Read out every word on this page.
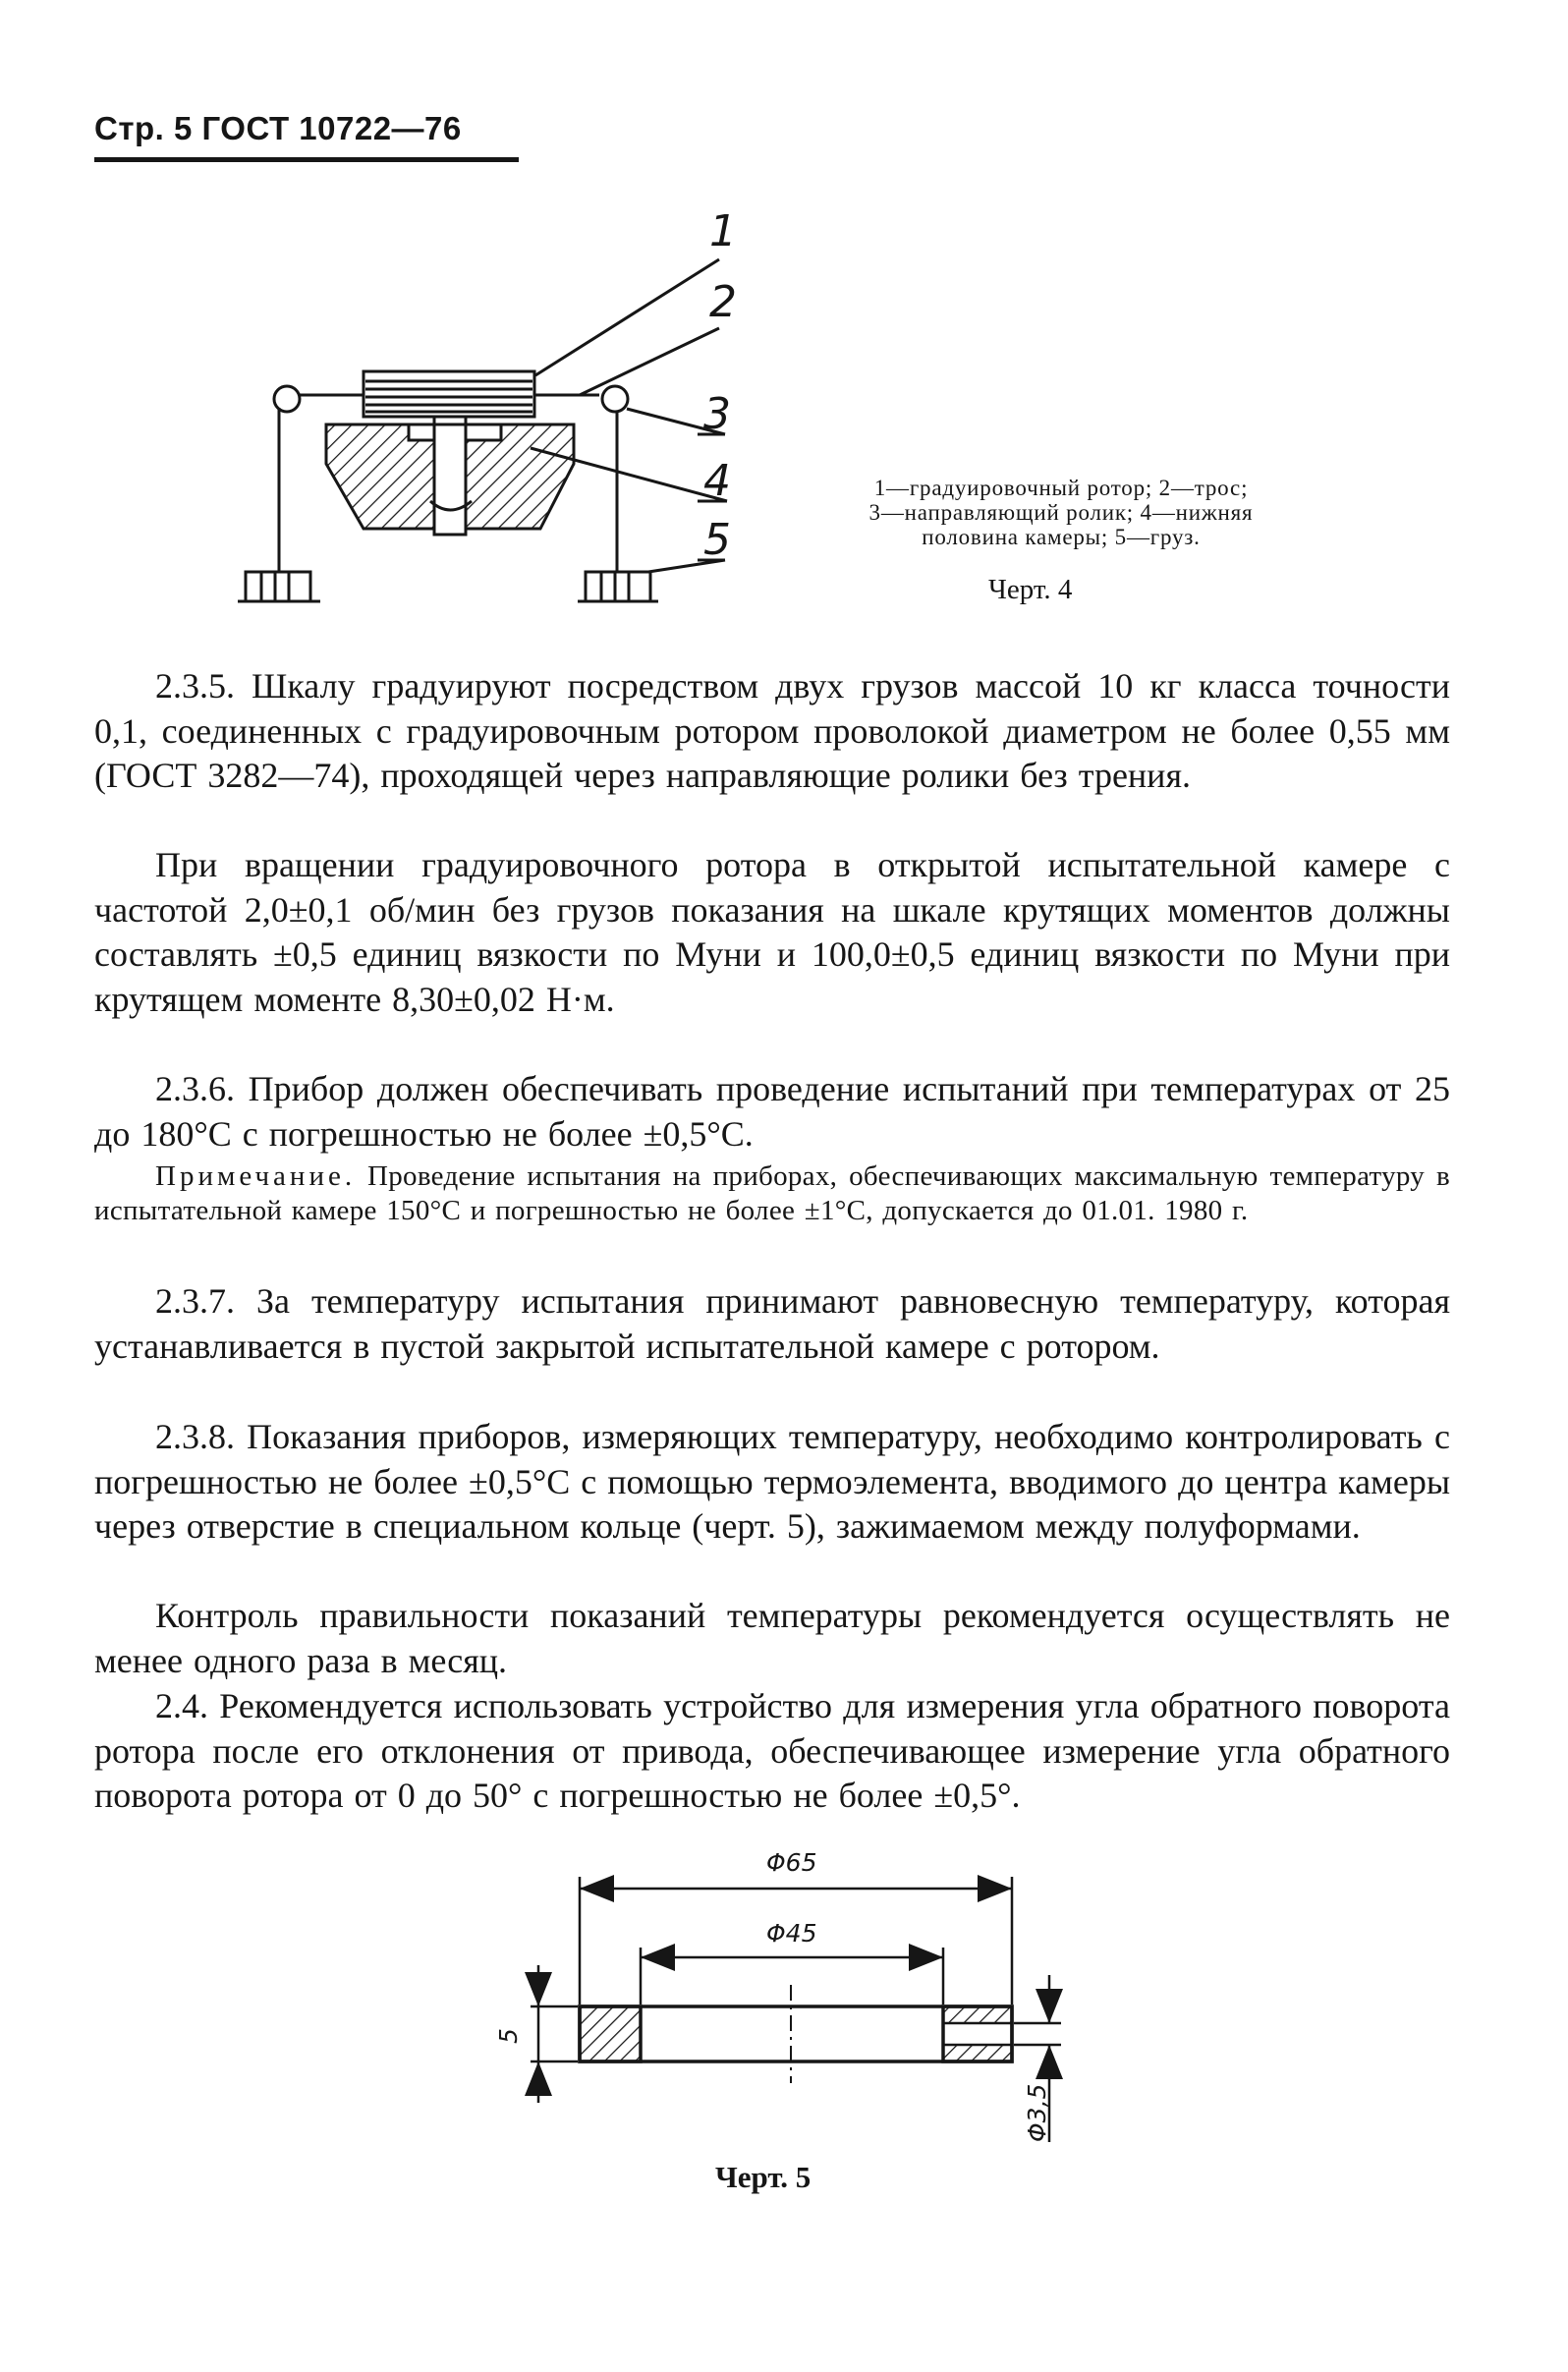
Стр. 5 ГОСТ 10722—76
1
2
3
4
5
1—градуировочный ротор; 2—трос;
3—направляющий ролик; 4—нижняя
половина камеры; 5—груз.
Черт. 4

2.3.5. Шкалу градуируют посредством двух грузов массой 10 кг класса точности 0,1, соединенных с градуировочным ротором проволокой диаметром не более 0,55 мм (ГОСТ 3282—74), проходящей через направляющие ролики без трения.

При вращении градуировочного ротора в открытой испытательной камере с частотой 2,0±0,1 об/мин без грузов показания на шкале крутящих моментов должны составлять ±0,5 единиц вязкости по Муни и 100,0±0,5 единиц вязкости по Муни при крутящем моменте 8,30±0,02 Н·м.

2.3.6. Прибор должен обеспечивать проведение испытаний при температурах от 25 до 180°С с погрешностью не более ±0,5°С.

Примечание. Проведение испытания на приборах, обеспечивающих максимальную температуру в испытательной камере 150°С и погрешностью не более ±1°С, допускается до 01.01. 1980 г.

2.3.7. За температуру испытания принимают равновесную температуру, которая устанавливается в пустой закрытой испытательной камере с ротором.

2.3.8. Показания приборов, измеряющих температуру, необходимо контролировать с погрешностью не более ±0,5°С с помощью термоэлемента, вводимого до центра камеры через отверстие в специальном кольце (черт. 5), зажимаемом между полуформами.

Контроль правильности показаний температуры рекомендуется осуществлять не менее одного раза в месяц.

2.4. Рекомендуется использовать устройство для измерения угла обратного поворота ротора после его отклонения от привода, обеспечивающее измерение угла обратного поворота ротора от 0 до 50° с погрешностью не более ±0,5°.

Φ65
Φ45
5
Φ3,5
Черт. 5
